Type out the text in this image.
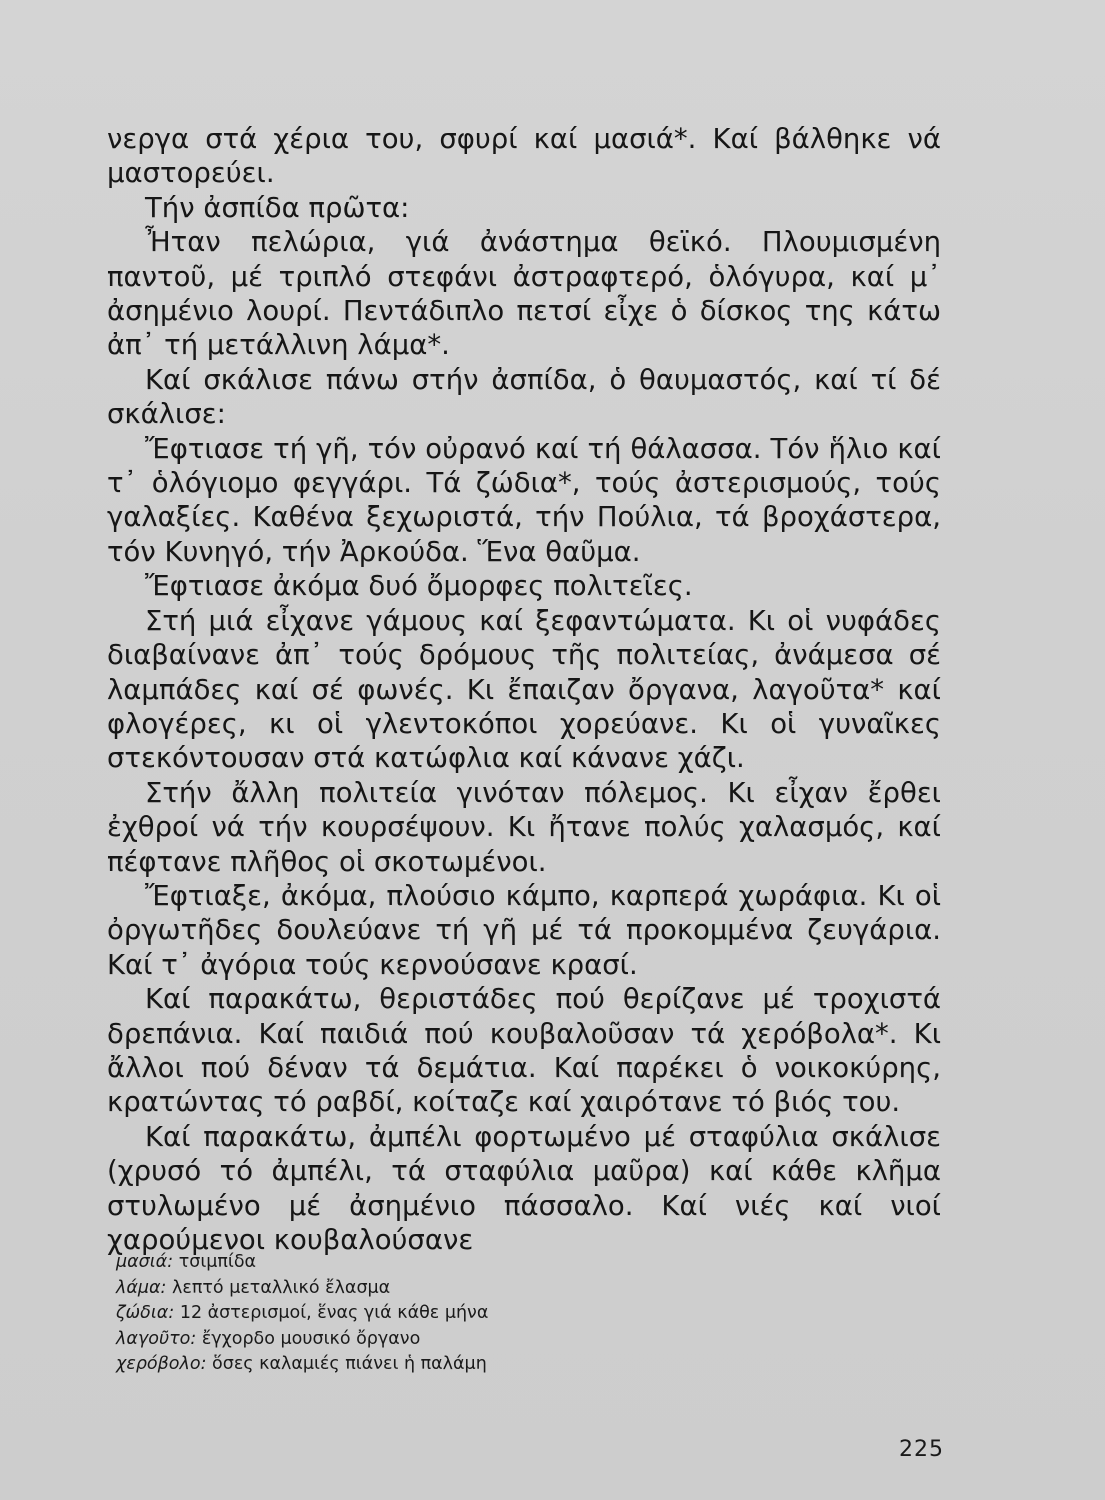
νεργα στά χέρια του, σφυρί καί μασιά*. Καί βάλθηκε νά μαστορεύει.

Τήν ἀσπίδα πρῶτα:

Ἦταν πελώρια, γιά ἀνάστημα θεϊκό. Πλουμισμένη παντοῦ, μέ τριπλό στεφάνι ἀστραφτερό, ὁλόγυρα, καί μ᾽ ἀσημένιο λουρί. Πεντάδιπλο πετσί εἶχε ὁ δίσκος της κάτω ἀπ᾽ τή μετάλλινη λάμα*.

Καί σκάλισε πάνω στήν ἀσπίδα, ὁ θαυμαστός, καί τί δέ σκάλισε:

Ἔφτιασε τή γῆ, τόν οὐρανό καί τή θάλασσα. Τόν ἥλιο καί τ᾽ ὁλόγιομο φεγγάρι. Τά ζώδια*, τούς ἀστερισμούς, τούς γαλαξίες. Καθένα ξεχωριστά, τήν Πούλια, τά βροχάστερα, τόν Κυνηγό, τήν Ἀρκούδα. Ἕνα θαῦμα.

Ἔφτιασε ἀκόμα δυό ὄμορφες πολιτεῖες.

Στή μιά εἶχανε γάμους καί ξεφαντώματα. Κι οἱ νυφάδες διαβαίνανε ἀπ᾽ τούς δρόμους τῆς πολιτείας, ἀνάμεσα σέ λαμπάδες καί σέ φωνές. Κι ἔπαιζαν ὄργανα, λαγοῦτα* καί φλογέρες, κι οἱ γλεντοκόποι χορεύανε. Κι οἱ γυναῖκες στεκόντουσαν στά κατώφλια καί κάνανε χάζι.

Στήν ἄλλη πολιτεία γινόταν πόλεμος. Κι εἶχαν ἔρθει ἐχθροί νά τήν κουρσέψουν. Κι ἤτανε πολύς χαλασμός, καί πέφτανε πλῆθος οἱ σκοτωμένοι.

Ἔφτιαξε, ἀκόμα, πλούσιο κάμπο, καρπερά χωράφια. Κι οἱ ὀργωτῆδες δουλεύανε τή γῆ μέ τά προκομμένα ζευγάρια. Καί τ᾽ ἀγόρια τούς κερνούσανε κρασί.

Καί παρακάτω, θεριστάδες πού θερίζανε μέ τροχιστά δρεπάνια. Καί παιδιά πού κουβαλοῦσαν τά χερόβολα*. Κι ἄλλοι πού δέναν τά δεμάτια. Καί παρέκει ὁ νοικοκύρης, κρατώντας τό ραβδί, κοίταζε καί χαιρότανε τό βιός του.

Καί παρακάτω, ἀμπέλι φορτωμένο μέ σταφύλια σκάλισε (χρυσό τό ἀμπέλι, τά σταφύλια μαῦρα) καί κάθε κλῆμα στυλωμένο μέ ἀσημένιο πάσσαλο. Καί νιές καί νιοί χαρούμενοι κουβαλούσανε

μασιά: τσιμπίδα
λάμα: λεπτό μεταλλικό ἔλασμα
ζώδια: 12 ἀστερισμοί, ἕνας γιά κάθε μήνα
λαγοῦτο: ἔγχορδο μουσικό ὄργανο
χερόβολο: ὅσες καλαμιές πιάνει ἡ παλάμη
225
